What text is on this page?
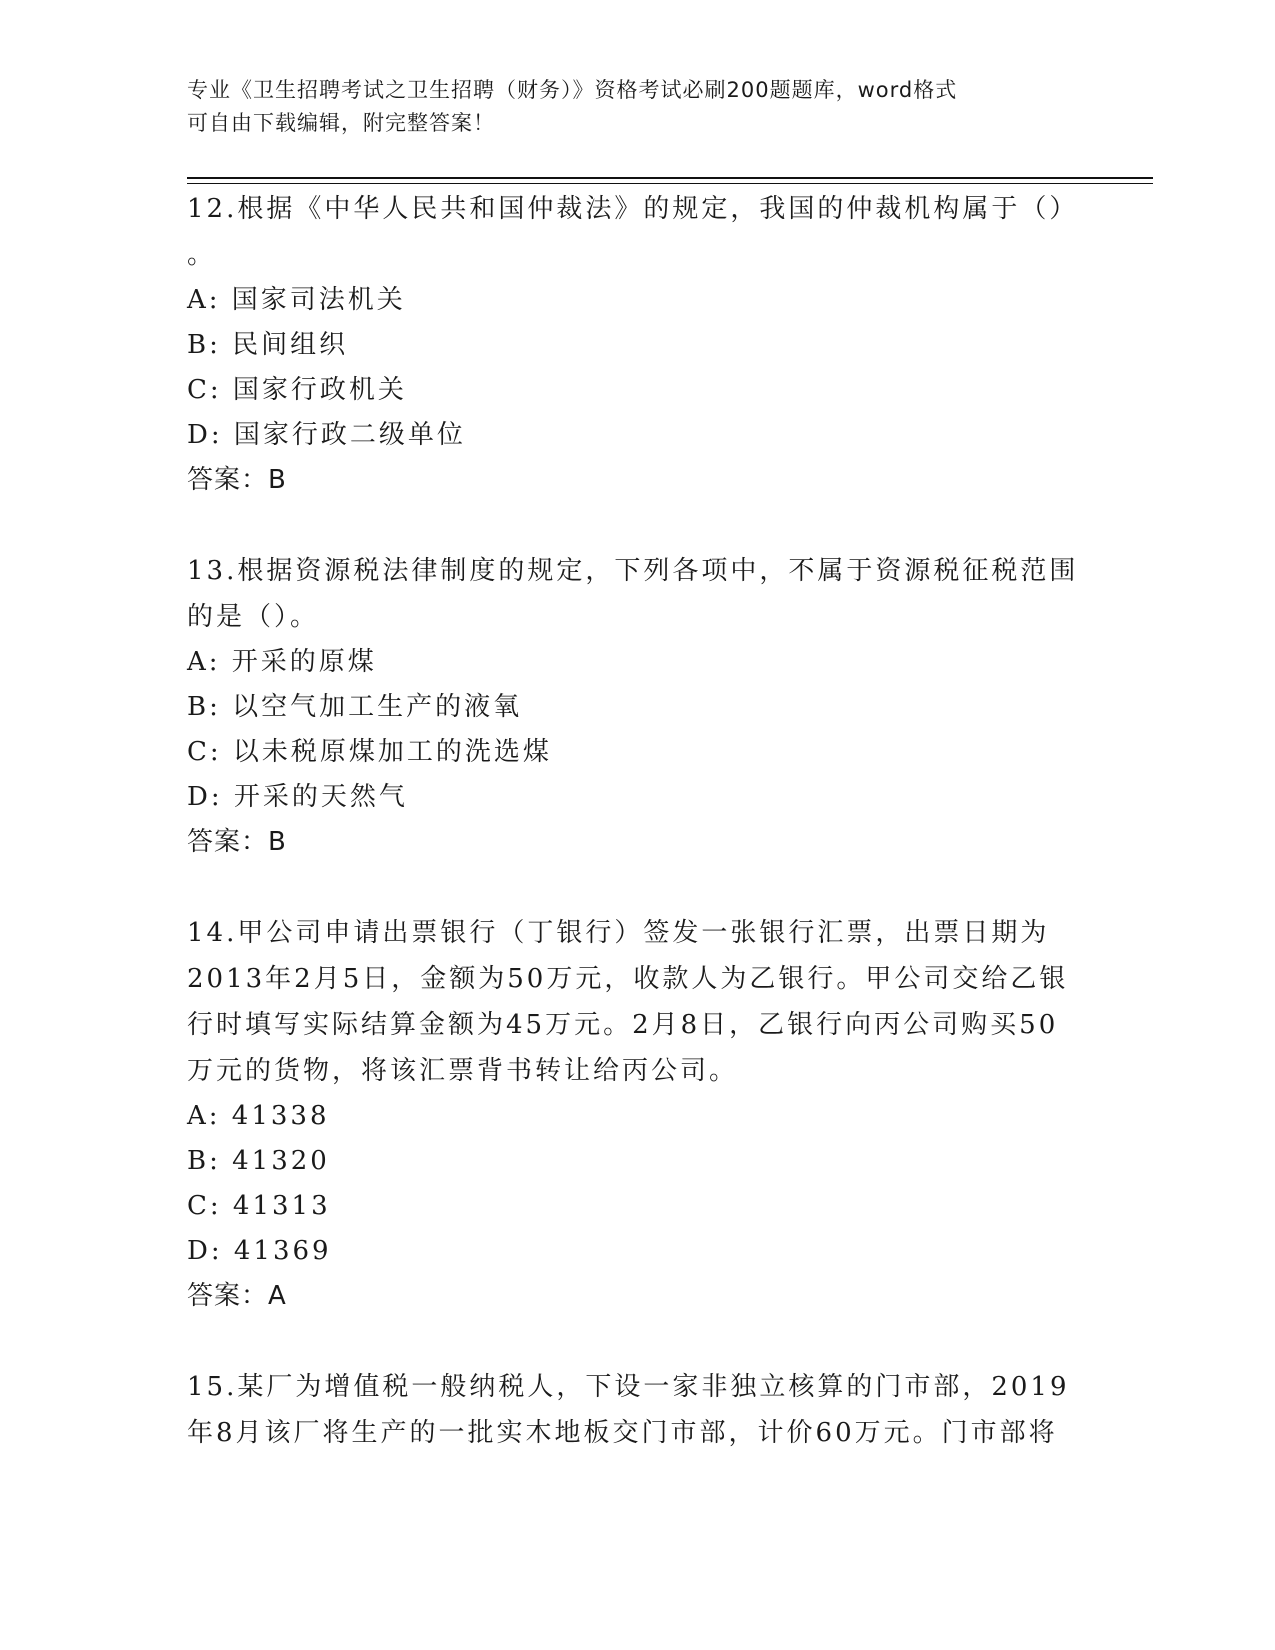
专业《卫生招聘考试之卫生招聘（财务）》资格考试必刷200题题库，word格式
可自由下载编辑，附完整答案！

12.根据《中华人民共和国仲裁法》的规定，我国的仲裁机构属于（）

。

A: 国家司法机关

B: 民间组织

C: 国家行政机关

D: 国家行政二级单位

答案：B

13.根据资源税法律制度的规定，下列各项中，不属于资源税征税范围

的是（）。

A: 开采的原煤

B: 以空气加工生产的液氧

C: 以未税原煤加工的洗选煤

D: 开采的天然气

答案：B

14.甲公司申请出票银行（丁银行）签发一张银行汇票，出票日期为

2013年2月5日，金额为50万元，收款人为乙银行。甲公司交给乙银

行时填写实际结算金额为45万元。2月8日，乙银行向丙公司购买50

万元的货物，将该汇票背书转让给丙公司。

A: 41338

B: 41320

C: 41313

D: 41369

答案：A

15.某厂为增值税一般纳税人，下设一家非独立核算的门市部，2019

年8月该厂将生产的一批实木地板交门市部，计价60万元。门市部将
